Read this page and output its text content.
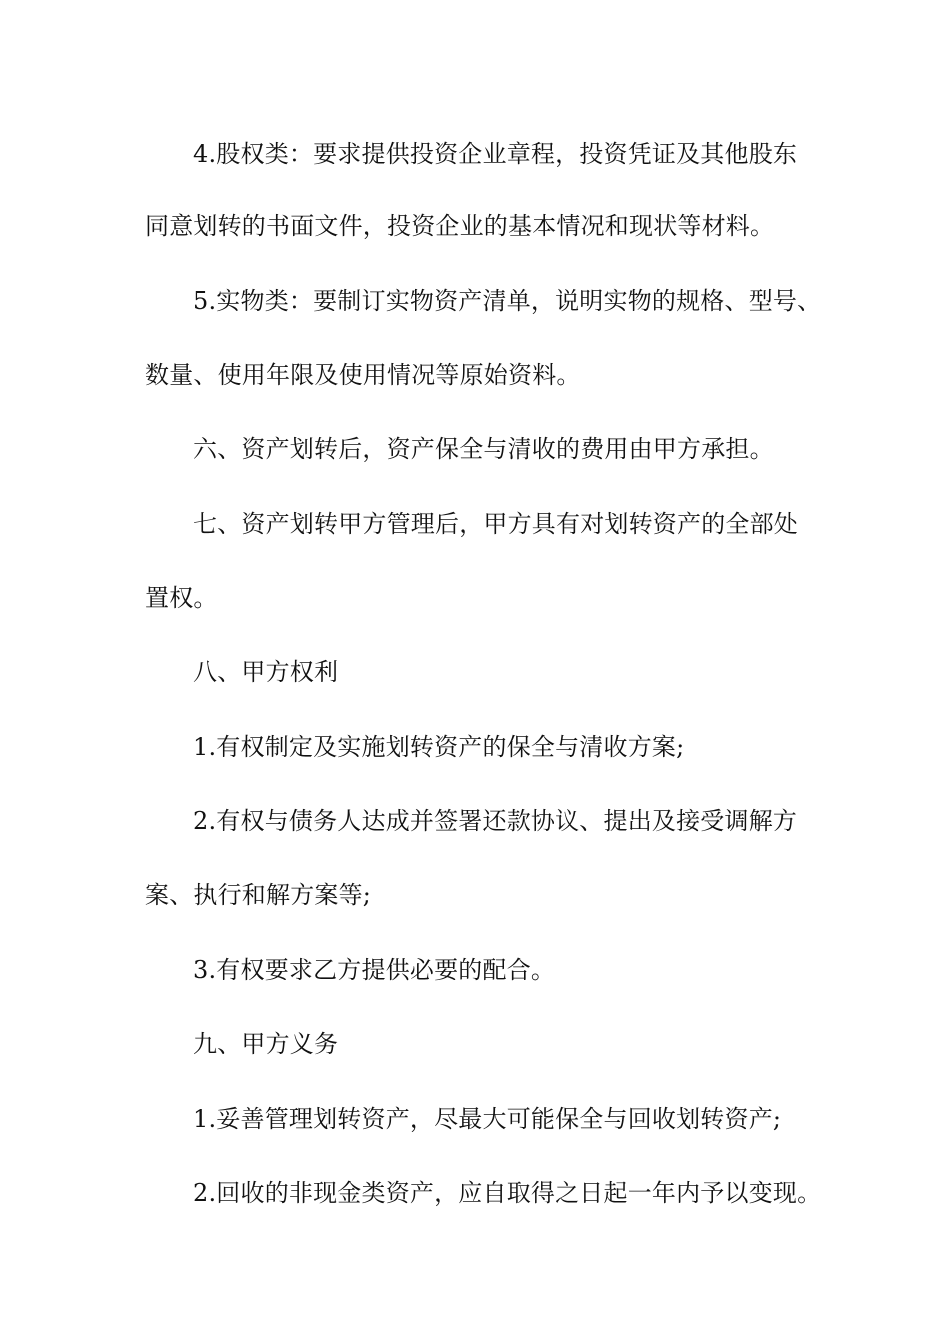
4.股权类：要求提供投资企业章程，投资凭证及其他股东
同意划转的书面文件，投资企业的基本情况和现状等材料。
5.实物类：要制订实物资产清单，说明实物的规格、型号、
数量、使用年限及使用情况等原始资料。
六、资产划转后，资产保全与清收的费用由甲方承担。
七、资产划转甲方管理后，甲方具有对划转资产的全部处
置权。
八、甲方权利
1.有权制定及实施划转资产的保全与清收方案;
2.有权与债务人达成并签署还款协议、提出及接受调解方
案、执行和解方案等;
3.有权要求乙方提供必要的配合。
九、甲方义务
1.妥善管理划转资产，尽最大可能保全与回收划转资产;
2.回收的非现金类资产，应自取得之日起一年内予以变现。
